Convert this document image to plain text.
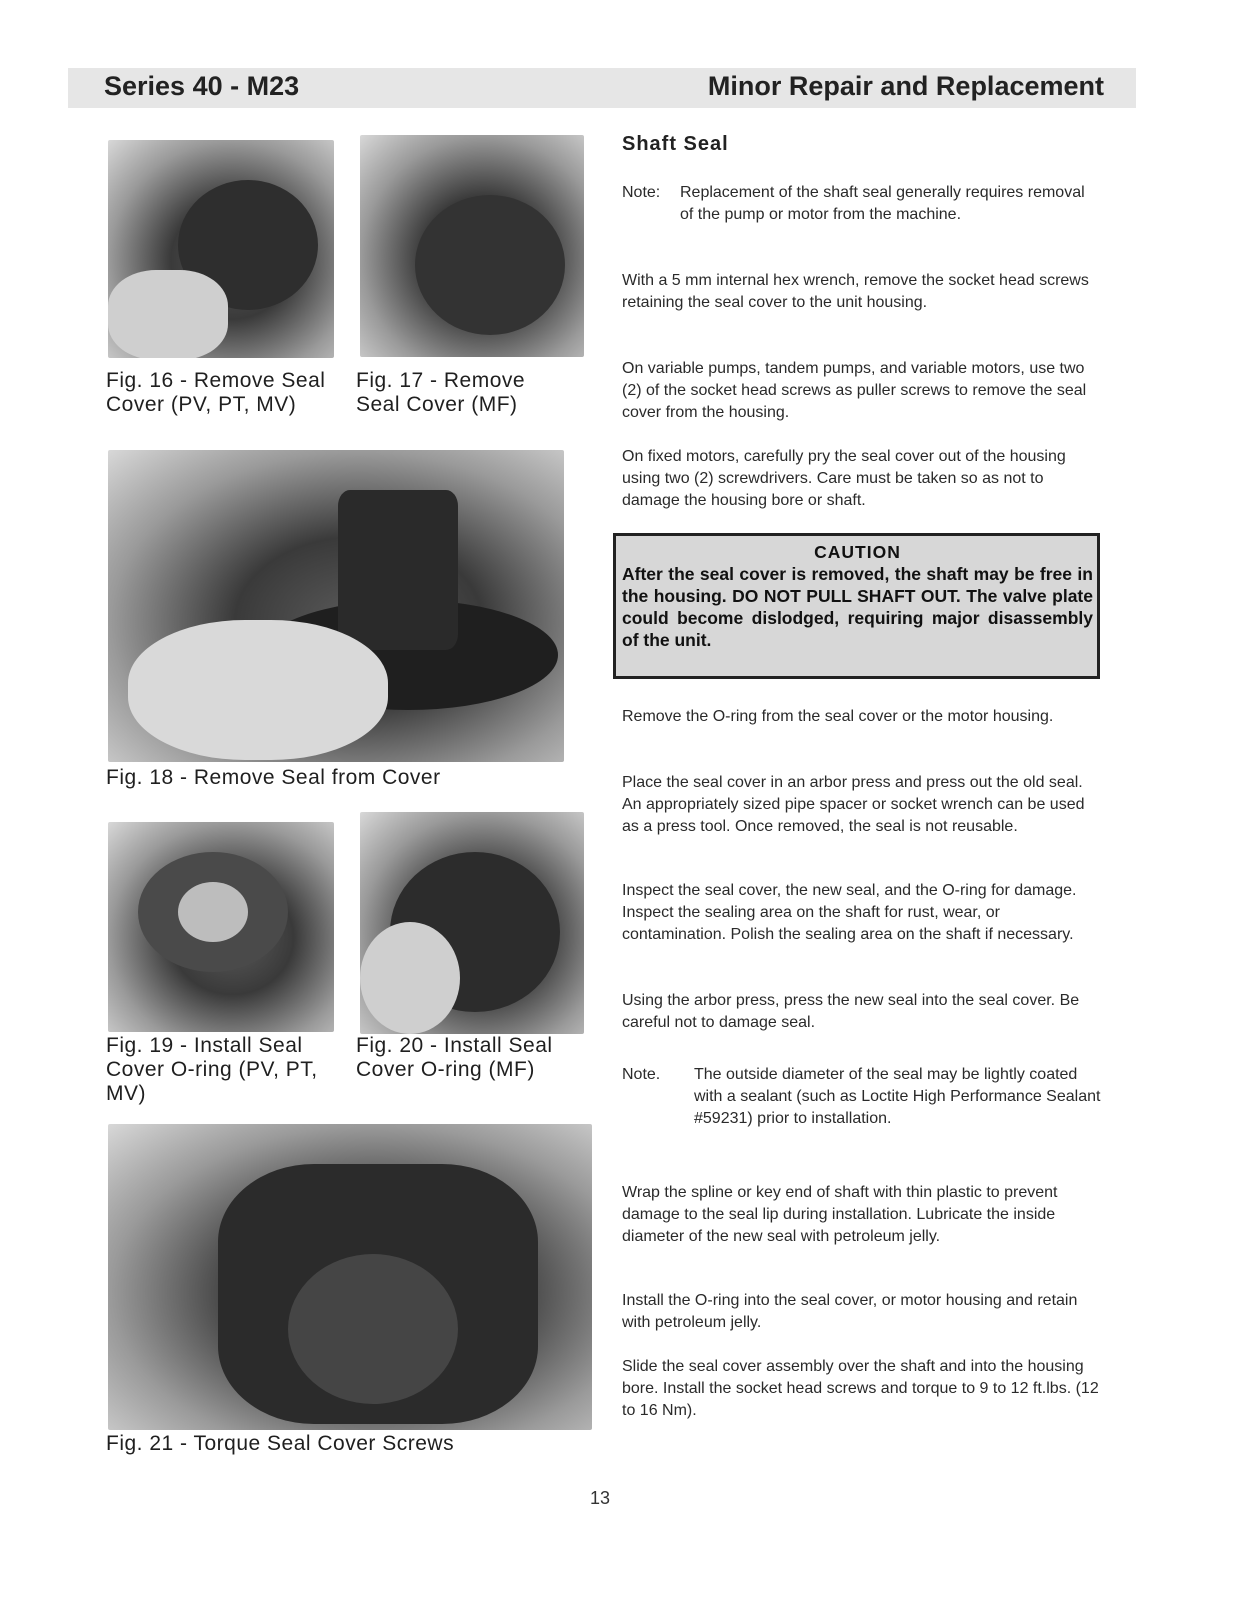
Series 40 - M23	Minor Repair and Replacement
Fig. 16 - Remove Seal Cover (PV, PT, MV)
Fig. 17 - Remove Seal Cover (MF)
Fig. 18 - Remove Seal from Cover
Fig. 19 - Install Seal Cover O-ring (PV, PT, MV)
Fig. 20 - Install Seal Cover O-ring (MF)
Fig. 21 - Torque Seal Cover Screws
Shaft Seal
Note: Replacement of the shaft seal generally requires removal of the pump or motor from the machine.
With a 5 mm internal hex wrench, remove the socket head screws retaining the seal cover to the unit housing.
On variable pumps, tandem pumps, and variable motors, use two (2) of the socket head screws as puller screws to remove the seal cover from the housing.
On fixed motors, carefully pry the seal cover out of the housing using two (2) screwdrivers. Care must be taken so as not to damage the housing bore or shaft.
CAUTION
After the seal cover is removed, the shaft may be free in the housing. DO NOT PULL SHAFT OUT. The valve plate could become dislodged, requiring major disassembly of the unit.
Remove the O-ring from the seal cover or the motor housing.
Place the seal cover in an arbor press and press out the old seal. An appropriately sized pipe spacer or socket wrench can be used as a press tool. Once removed, the seal is not reusable.
Inspect the seal cover, the new seal, and the O-ring for damage. Inspect the sealing area on the shaft for rust, wear, or contamination. Polish the sealing area on the shaft if necessary.
Using the arbor press, press the new seal into the seal cover. Be careful not to damage seal.
Note. The outside diameter of the seal may be lightly coated with a sealant (such as Loctite High Performance Sealant #59231) prior to installation.
Wrap the spline or key end of shaft with thin plastic to prevent damage to the seal lip during installation. Lubricate the inside diameter of the new seal with petroleum jelly.
Install the O-ring into the seal cover, or motor housing and retain with petroleum jelly.
Slide the seal cover assembly over the shaft and into the housing bore. Install the socket head screws and torque to 9 to 12 ft.lbs. (12 to 16 Nm).
13
